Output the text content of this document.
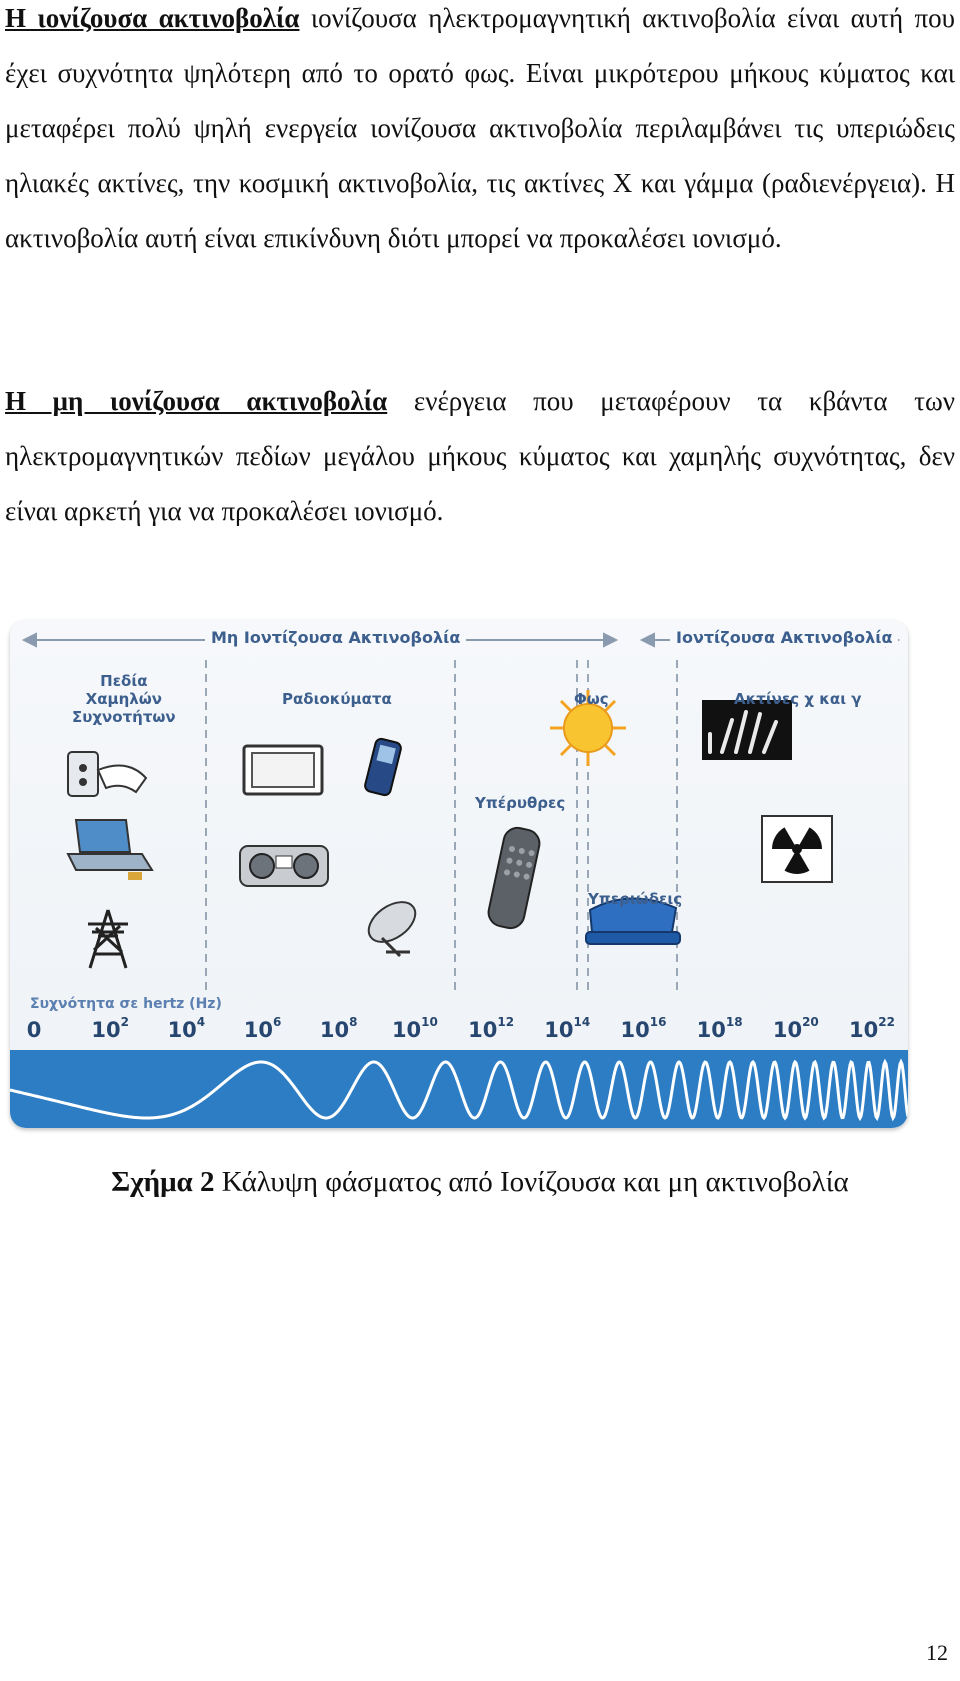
Η ιονίζουσα ακτινοβολία ιονίζουσα ηλεκτρομαγνητική ακτινοβολία είναι αυτή που έχει συχνότητα ψηλότερη από το ορατό φως. Είναι μικρότερου μήκους κύματος και μεταφέρει πολύ ψηλή ενεργεία ιονίζουσα ακτινοβολία περιλαμβάνει τις υπεριώδεις ηλιακές ακτίνες, την κοσμική ακτινοβολία, τις ακτίνες Χ και γάμμα (ραδιενέργεια). Η ακτινοβολία αυτή είναι επικίνδυνη διότι μπορεί να προκαλέσει ιονισμό.

Η μη ιονίζουσα ακτινοβολία ενέργεια που μεταφέρουν τα κβάντα των ηλεκτρομαγνητικών πεδίων μεγάλου μήκους κύματος και χαμηλής συχνότητας, δεν είναι αρκετή για να προκαλέσει ιονισμό.

Μη Ιοντίζουσα Ακτινοβολία	Ιοντίζουσα Ακτινοβολία
Πεδία
Χαμηλών
Συχνοτήτων
Ραδιοκύματα	Φως	Ακτίνες χ και γ
Υπέρυθρες
Υπεριώδεις
Συχνότητα σε hertz (Hz)
0 $10^2$ $10^4$ $10^6$ $10^8$ $10^{10}$ $10^{12}$ $10^{14}$ $10^{16}$ $10^{18}$ $10^{20}$ $10^{22}$
Σχήμα 2 Κάλυψη φάσματος από Ιονίζουσα και μη ακτινοβολία
12
